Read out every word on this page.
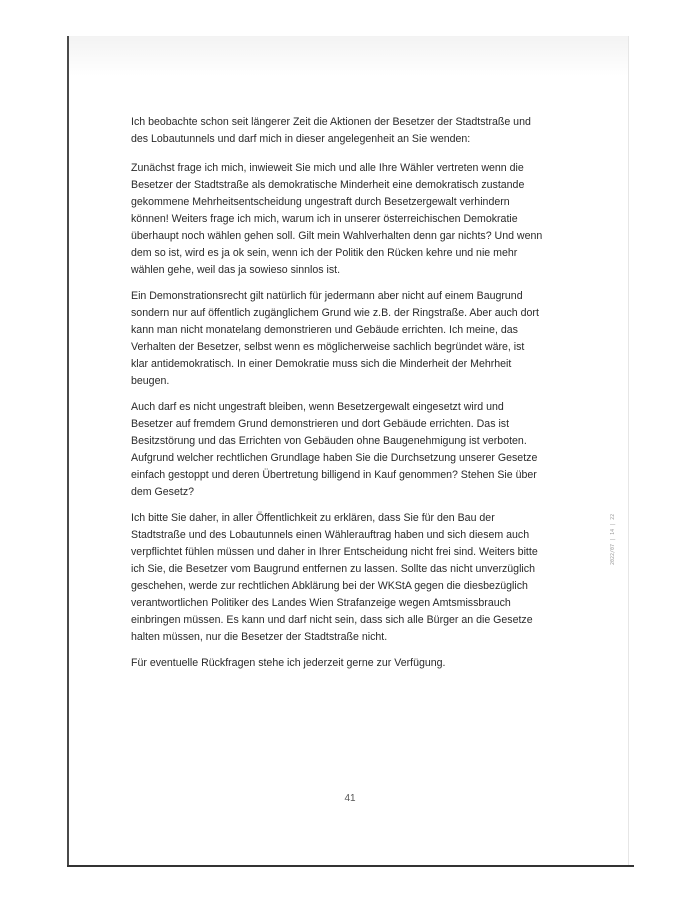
Ich beobachte schon seit längerer Zeit die Aktionen der Besetzer der Stadtstraße und des Lobautunnels und darf mich in dieser angelegenheit an Sie wenden:

Zunächst frage ich mich, inwieweit Sie mich und alle Ihre Wähler vertreten wenn die Besetzer der Stadtstraße als demokratische Minderheit eine demokratisch zustande gekommene Mehrheitsentscheidung ungestraft durch Besetzergewalt verhindern können! Weiters frage ich mich, warum ich in unserer österreichischen Demokratie überhaupt noch wählen gehen soll. Gilt mein Wahlverhalten denn gar nichts? Und wenn dem so ist, wird es ja ok sein, wenn ich der Politik den Rücken kehre und nie mehr wählen gehe, weil das ja sowieso sinnlos ist.

Ein Demonstrationsrecht gilt natürlich für jedermann aber nicht auf einem Baugrund sondern nur auf öffentlich zugänglichem Grund wie z.B. der Ringstraße. Aber auch dort kann man nicht monatelang demonstrieren und Gebäude errichten. Ich meine, das Verhalten der Besetzer, selbst wenn es möglicherweise sachlich begründet wäre, ist klar antidemokratisch. In einer Demokratie muss sich die Minderheit der Mehrheit beugen.

Auch darf es nicht ungestraft bleiben, wenn Besetzergewalt eingesetzt wird und Besetzer auf fremdem Grund demonstrieren und dort Gebäude errichten. Das ist Besitzstörung und das Errichten von Gebäuden ohne Baugenehmigung ist verboten. Aufgrund welcher rechtlichen Grundlage haben Sie die Durchsetzung unserer Gesetze einfach gestoppt und deren Übertretung billigend in Kauf genommen? Stehen Sie über dem Gesetz?

Ich bitte Sie daher, in aller Öffentlichkeit zu erklären, dass Sie für den Bau der Stadtstraße und des Lobautunnels einen Wählerauftrag haben und sich diesem auch verpflichtet fühlen müssen und daher in Ihrer Entscheidung nicht frei sind. Weiters bitte ich Sie, die Besetzer vom Baugrund entfernen zu lassen. Sollte das nicht unverzüglich geschehen, werde zur rechtlichen Abklärung bei der WKStA gegen die diesbezüglich verantwortlichen Politiker des Landes Wien Strafanzeige wegen Amtsmissbrauch einbringen müssen. Es kann und darf nicht sein, dass sich alle Bürger an die Gesetze halten müssen, nur die Besetzer der Stadtstraße nicht.

Für eventuelle Rückfragen stehe ich jederzeit gerne zur Verfügung.

2022/07 | 14 | 22
41
